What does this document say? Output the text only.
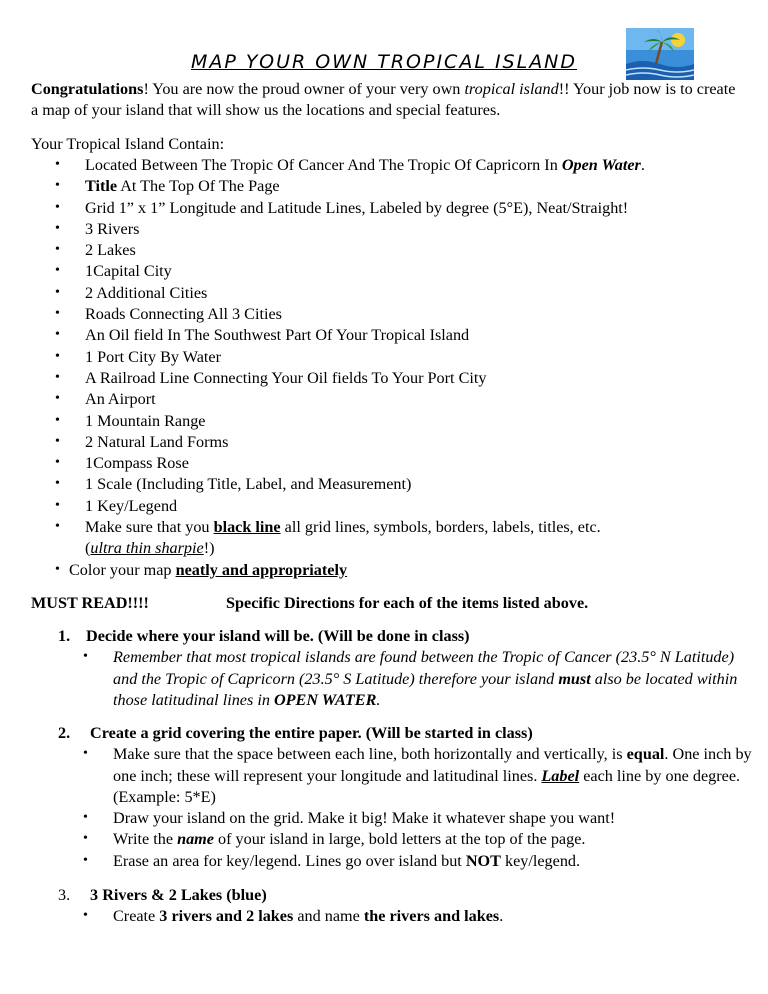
MAP YOUR OWN TROPICAL ISLAND
Congratulations! You are now the proud owner of your very own tropical island!! Your job now is to create a map of your island that will show us the locations and special features.
Your Tropical Island Contain:
• Located Between The Tropic Of Cancer And The Tropic Of Capricorn In Open Water.
• Title At The Top Of The Page
• Grid 1” x 1” Longitude and Latitude Lines, Labeled by degree (5°E), Neat/Straight!
• 3 Rivers
• 2 Lakes
• 1Capital City
• 2 Additional Cities
• Roads Connecting All 3 Cities
• An Oil field In The Southwest Part Of Your Tropical Island
• 1 Port City By Water
• A Railroad Line Connecting Your Oil fields To Your Port City
• An Airport
• 1 Mountain Range
• 2 Natural Land Forms
• 1Compass Rose
• 1 Scale (Including Title, Label, and Measurement)
• 1 Key/Legend
• Make sure that you black line all grid lines, symbols, borders, labels, titles, etc.
(ultra thin sharpie!)
• Color your map neatly and appropriately
MUST READ!!!!	Specific Directions for each of the items listed above.
1. Decide where your island will be. (Will be done in class)
• Remember that most tropical islands are found between the Tropic of Cancer (23.5° N Latitude) and the Tropic of Capricorn (23.5° S Latitude) therefore your island must also be located within those latitudinal lines in OPEN WATER.
2. Create a grid covering the entire paper. (Will be started in class)
• Make sure that the space between each line, both horizontally and vertically, is equal. One inch by one inch; these will represent your longitude and latitudinal lines. Label each line by one degree. (Example: 5*E)
• Draw your island on the grid. Make it big! Make it whatever shape you want!
• Write the name of your island in large, bold letters at the top of the page.
• Erase an area for key/legend. Lines go over island but NOT key/legend.
3. 3 Rivers & 2 Lakes (blue)
• Create 3 rivers and 2 lakes and name the rivers and lakes.
